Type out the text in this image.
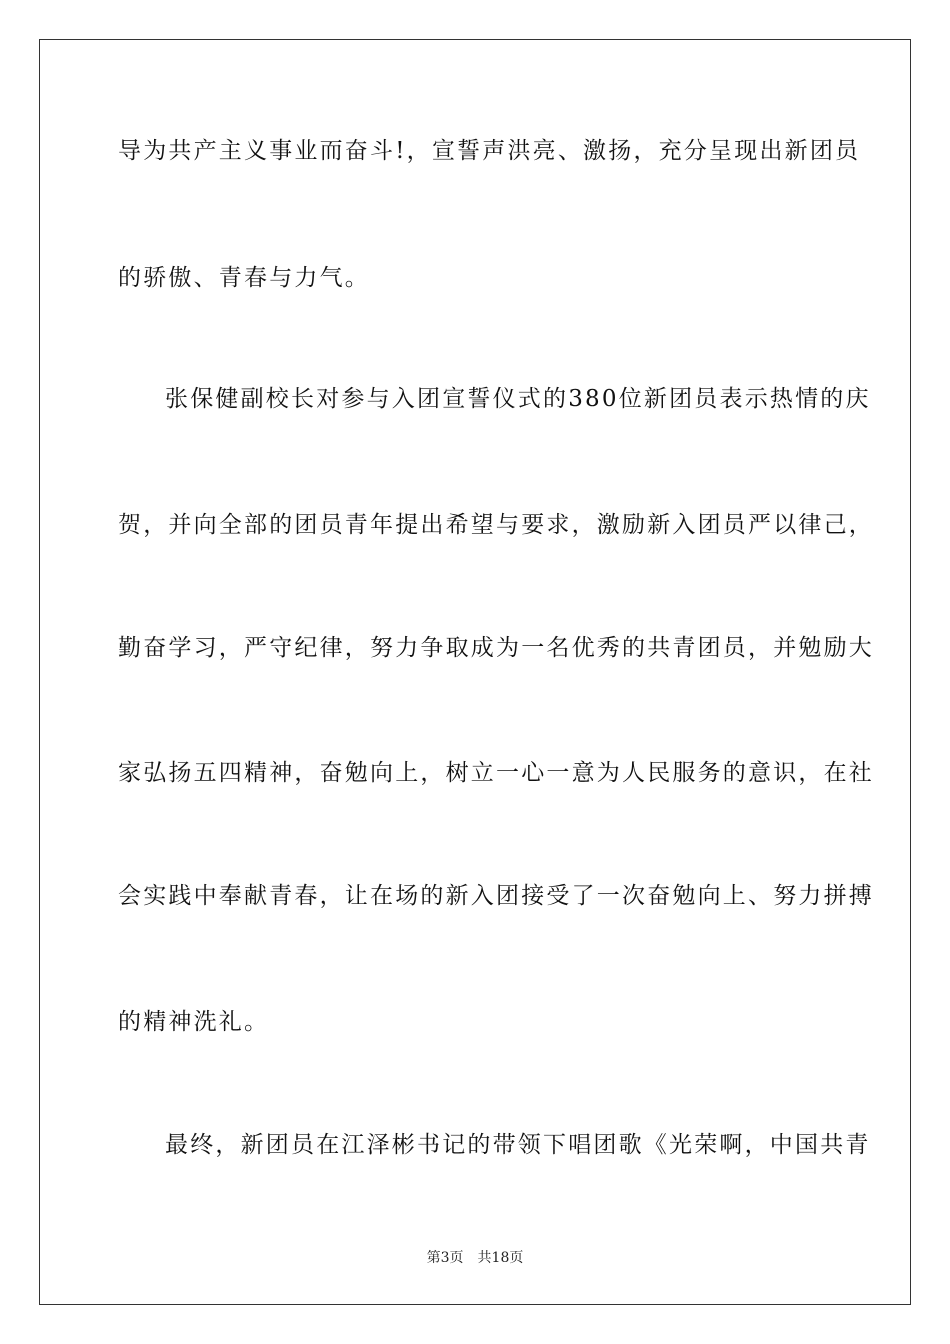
导为共产主义事业而奋斗!，宣誓声洪亮、激扬，充分呈现出新团员
的骄傲、青春与力气。
张保健副校长对参与入团宣誓仪式的380位新团员表示热情的庆
贺，并向全部的团员青年提出希望与要求，激励新入团员严以律己，
勤奋学习，严守纪律，努力争取成为一名优秀的共青团员，并勉励大
家弘扬五四精神，奋勉向上，树立一心一意为人民服务的意识，在社
会实践中奉献青春，让在场的新入团接受了一次奋勉向上、努力拼搏
的精神洗礼。
最终，新团员在江泽彬书记的带领下唱团歌《光荣啊，中国共青
第3页 共18页
